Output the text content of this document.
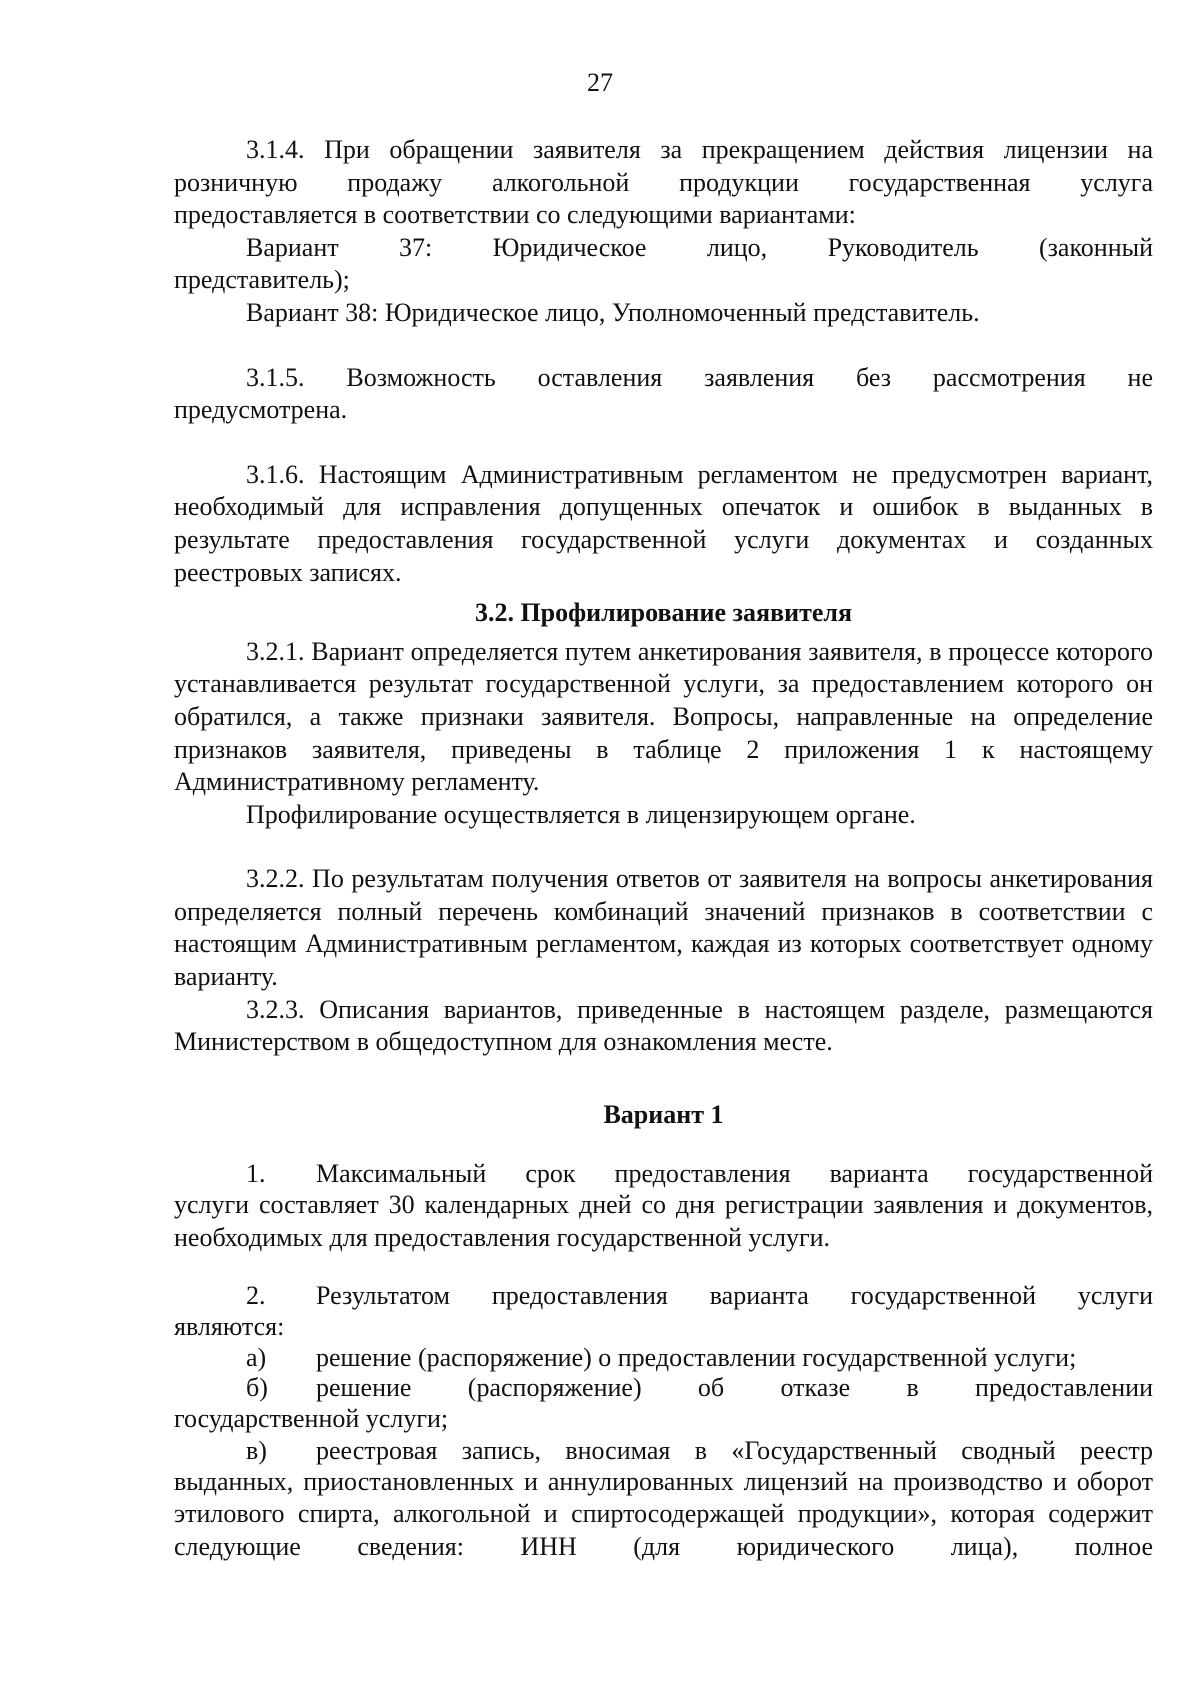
27

3.1.4. При обращении заявителя за прекращением действия лицензии на

розничную продажу алкогольной продукции государственная услуга

предоставляется в соответствии со следующими вариантами:

Вариант 37: Юридическое лицо, Руководитель (законный

представитель);

Вариант 38: Юридическое лицо, Уполномоченный представитель.

3.1.5. Возможность оставления заявления без рассмотрения не

предусмотрена.

3.1.6. Настоящим Административным регламентом не предусмотрен вариант, необходимый для исправления допущенных опечаток и ошибок в выданных в результате предоставления государственной услуги документах и созданных реестровых записях.

3.2. Профилирование заявителя

3.2.1. Вариант определяется путем анкетирования заявителя, в процессе которого устанавливается результат государственной услуги, за предоставлением которого он обратился, а также признаки заявителя. Вопросы, направленные на определение признаков заявителя, приведены в таблице 2 приложения 1 к настоящему Административному регламенту.

Профилирование осуществляется в лицензирующем органе.

3.2.2. По результатам получения ответов от заявителя на вопросы анкетирования определяется полный перечень комбинаций значений признаков в соответствии с настоящим Административным регламентом, каждая из которых соответствует одному варианту.

3.2.3. Описания вариантов, приведенные в настоящем разделе, размещаются Министерством в общедоступном для ознакомления месте.

Вариант 1
1.	Максимальный срок предоставления варианта государственной

услуги составляет 30 календарных дней со дня регистрации заявления и документов, необходимых для предоставления государственной услуги.

2.	Результатом предоставления варианта государственной услуги

являются:

а)	решение (распоряжение) о предоставлении государственной услуги;
б)	решение (распоряжение) об отказе в предоставлении

государственной услуги;

в)	реестровая запись, вносимая в «Государственный сводный реестр

выданных, приостановленных и аннулированных лицензий на производство и оборот этилового спирта, алкогольной и спиртосодержащей продукции», которая содержит следующие сведения: ИНН (для юридического лица), полное
